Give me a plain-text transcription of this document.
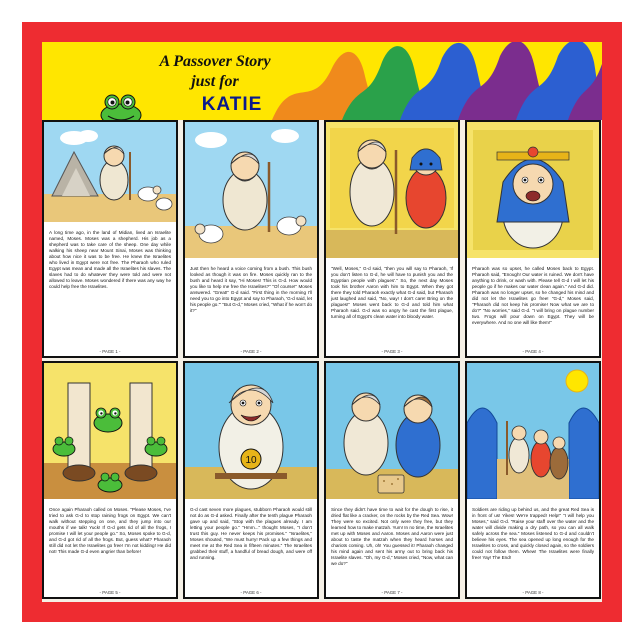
A Passover Story
just for
KATIE
A long time ago, in the land of Midian, lived an Israelite named, Moses. Moses was a shepherd. His job as a shepherd was to take care of the sheep. One day while walking his sheep near Mount Sinai, Moses was thinking about how nice it was to be free. He knew the Israelites who lived in Egypt were not free. The Pharaoh who ruled Egypt was mean and made all the Israelites his slaves. The slaves had to do whatever they were told and were not allowed to leave. Moses wondered if there was any way he could help free the Israelites.
- PAGE 1 -
Just then he heard a voice coming from a bush. This bush looked as though it was on fire. Moses quickly ran to the bush and heard it say, "Hi Moses! This is G-d. How would you like to help me free the Israelites?" "Of course!" Moses answered. "Great!" G-d said. "First thing in the morning I'll need you to go into Egypt and say to Pharaoh, 'G-d said, let his people go.'" "But G-d," Moses cried, "What if he won't do it?"
- PAGE 2 -
"Well, Moses," G-d said, "then you will say to Pharaoh, 'If you don't listen to G-d, he will have to punish you and the Egyptian people with plagues'." So, the next day Moses took his brother Aaron with him to Egypt. When they got there they told Pharaoh exactly what G-d said, but Pharaoh just laughed and said, "No, way! I don't care! Bring on the plagues!" Moses went back to G-d and told him what Pharaoh said. G-d was so angry he cast the first plague, turning all of Egypt's clean water into bloody water.
- PAGE 3 -
Pharaoh was so upset, he called Moses back to Egypt. Pharaoh said, "Enough! Our water is ruined. We don't have anything to drink, or wash with. Please tell G-d I will let his people go if he makes our water clean again." And G-d did. Pharaoh was no longer upset, so he changed his mind and did not let the Israelites go free! "G-d," Moses said, "Pharaoh did not keep his promise! Now what we are to do?" "No worries," said G-d. "I will bring on plague number two. Frogs will pour down on Egypt. They will be everywhere. And no one will like them!"
- PAGE 4 -
Once again Pharaoh called on Moses. "Please Moses, I've tried to ask G-d to stop raining frogs on Egypt. We can't walk without stepping on one, and they jump into our mouths if we talk! Yuck! If G-d gets rid of all the frogs, I promise I will let your people go." So, Moses spoke to G-d, and G-d got rid of all the frogs. But, guess what? Pharaoh still did not let the Israelites go free! I'm not kidding! He did not! This made G-d even angrier than before!
- PAGE 5 -
10
G-d cast seven more plagues, stubborn Pharaoh would still not do as G-d asked. Finally after the tenth plague Pharaoh gave up and said, "Stop with the plagues already. I am letting your people go." "Hmm..." thought Moses, "I don't trust this guy. He never keeps his promises." "Israelites," Moses shouted, "We must hurry! Pack up a few things and meet me at the Red Sea in fifteen minutes." The Israelites grabbed their stuff, a handful of bread dough, and were off and running.
- PAGE 6 -
Since they didn't have time to wait for the dough to rise, it dried flat like a cracker, on the rocks by the Red Sea. Wow! They were so excited. Not only were they free, but they learned how to make matzah. Yum! In no time, the Israelites met up with Moses and Aaron. Moses and Aaron were just about to taste the matzah when they heard horses and chariots coming. Uh, oh! You guessed it! Pharaoh changed his mind again and sent his army out to bring back his Israelite slaves. "Oh, my G-d," Moses cried, "Now, what can we do?"
- PAGE 7 -
Soldiers are riding up behind us, and the great Red Sea is in front of us! Yikes! We're trapped! Help!" "I will help you Moses," said G-d. "Raise your staff over the water and the water will divide making a dry path, so you can all walk safely across the sea." Moses listened to G-d and couldn't believe his eyes. The sea opened up long enough for the Israelites to cross, and quickly closed again, so the soldiers could not follow them. Whew! The Israelites were finally free! Yay! The End!
- PAGE 8 -
